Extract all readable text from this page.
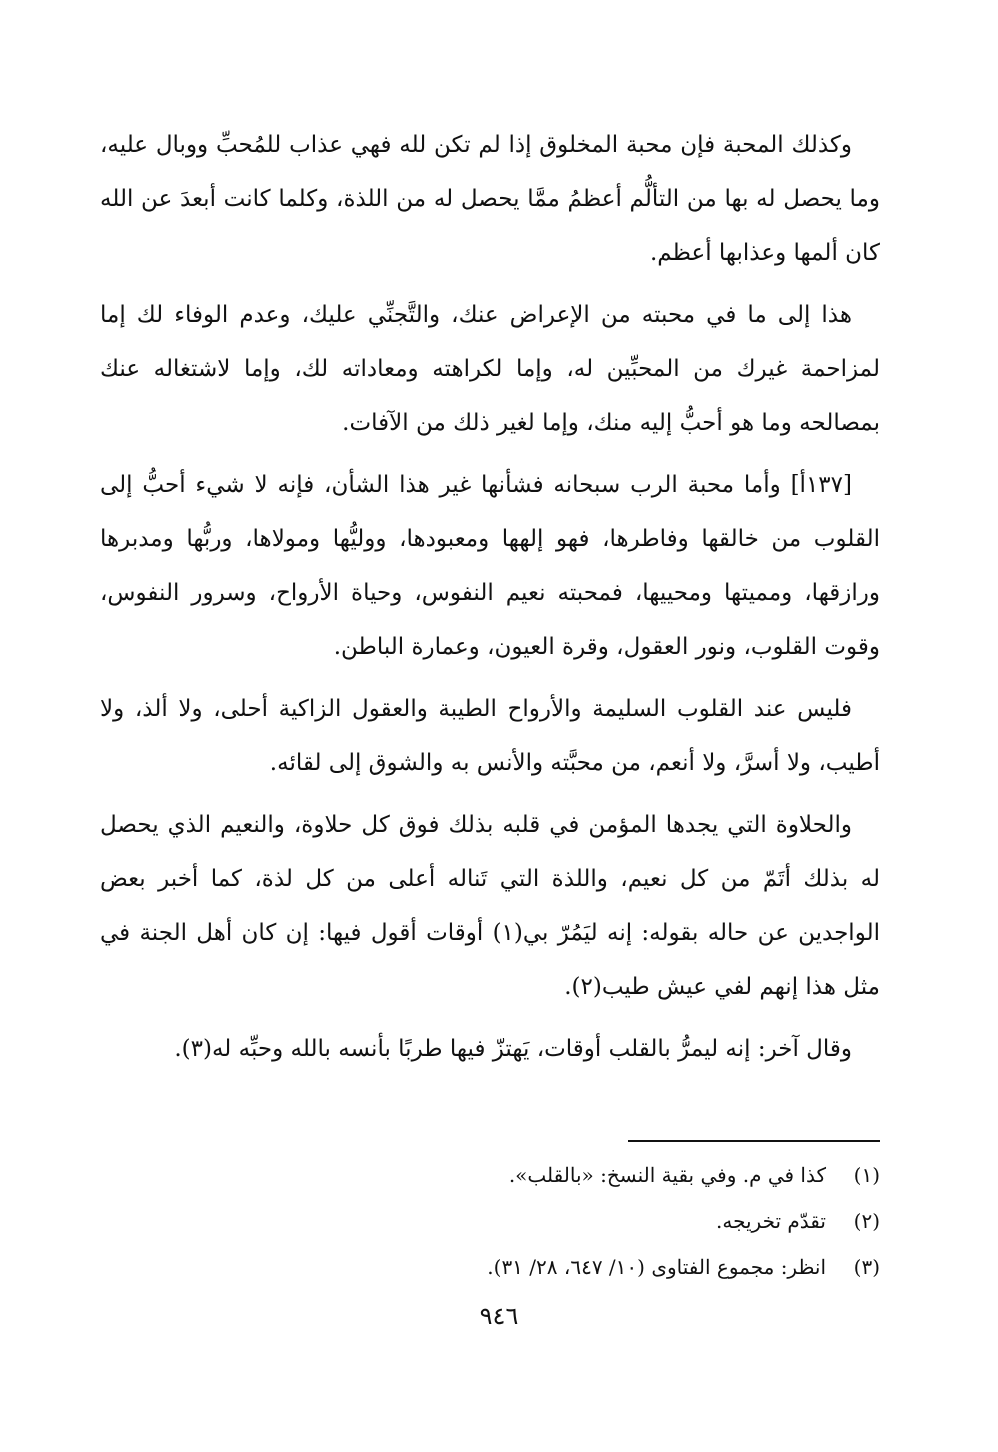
وكذلك المحبة فإن محبة المخلوق إذا لم تكن لله فهي عذاب للمُحبِّ ووبال عليه، وما يحصل له بها من التألُّم أعظمُ ممَّا يحصل له من اللذة، وكلما كانت أبعدَ عن الله كان ألمها وعذابها أعظم.

هذا إلى ما في محبته من الإعراض عنك، والتَّجنِّي عليك، وعدم الوفاء لك إما لمزاحمة غيرك من المحبِّين له، وإما لكراهته ومعاداته لك، وإما لاشتغاله عنك بمصالحه وما هو أحبُّ إليه منك، وإما لغير ذلك من الآفات.

[١٣٧أ] وأما محبة الرب سبحانه فشأنها غير هذا الشأن، فإنه لا شيء أحبُّ إلى القلوب من خالقها وفاطرها، فهو إلهها ومعبودها، ووليُّها ومولاها، وربُّها ومدبرها ورازقها، ومميتها ومحييها، فمحبته نعيم النفوس، وحياة الأرواح، وسرور النفوس، وقوت القلوب، ونور العقول، وقرة العيون، وعمارة الباطن.

فليس عند القلوب السليمة والأرواح الطيبة والعقول الزاكية أحلى، ولا ألذ، ولا أطيب، ولا أسرَّ، ولا أنعم، من محبَّته والأنس به والشوق إلى لقائه.

والحلاوة التي يجدها المؤمن في قلبه بذلك فوق كل حلاوة، والنعيم الذي يحصل له بذلك أتَمّ من كل نعيم، واللذة التي تَناله أعلى من كل لذة، كما أخبر بعض الواجدين عن حاله بقوله: إنه ليَمُرّ بي(١) أوقات أقول فيها: إن كان أهل الجنة في مثل هذا إنهم لفي عيش طيب(٢).

وقال آخر: إنه ليمرُّ بالقلب أوقات، يَهتزّ فيها طربًا بأنسه بالله وحبِّه له(٣).

(١)
كذا في م. وفي بقية النسخ: «بالقلب».
(٢)
تقدّم تخريجه.
(٣)
انظر: مجموع الفتاوى (١٠/ ٦٤٧، ٢٨/ ٣١).
٩٤٦
